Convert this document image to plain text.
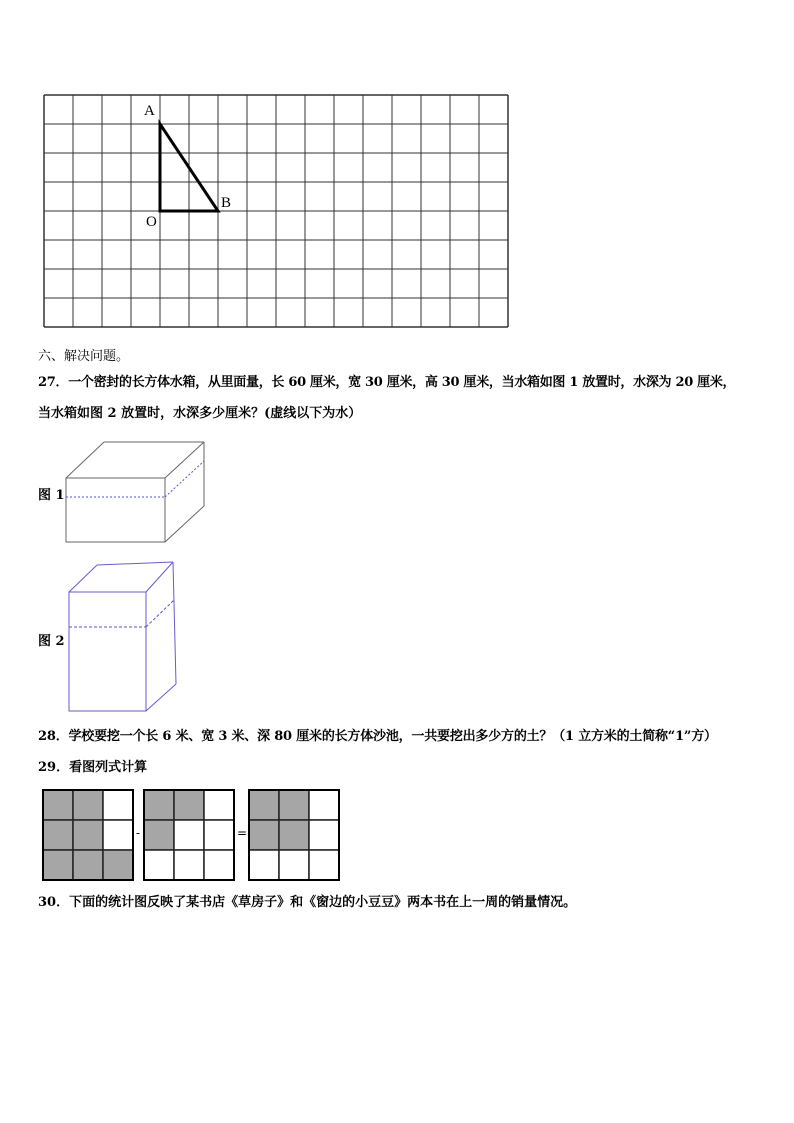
A
B
O
六、解决问题。
27．一个密封的长方体水箱，从里面量，长 60 厘米，宽 30 厘米，高 30 厘米，当水箱如图 1 放置时，水深为 20 厘米，
当水箱如图 2 放置时，水深多少厘米？(虚线以下为水）
图 1
图 2
28．学校要挖一个长 6 米、宽 3 米、深 80 厘米的长方体沙池，一共要挖出多少方的土？（1 立方米的土简称“1”方）
29．看图列式计算
-	=
30．下面的统计图反映了某书店《草房子》和《窗边的小豆豆》两本书在上一周的销量情况。
